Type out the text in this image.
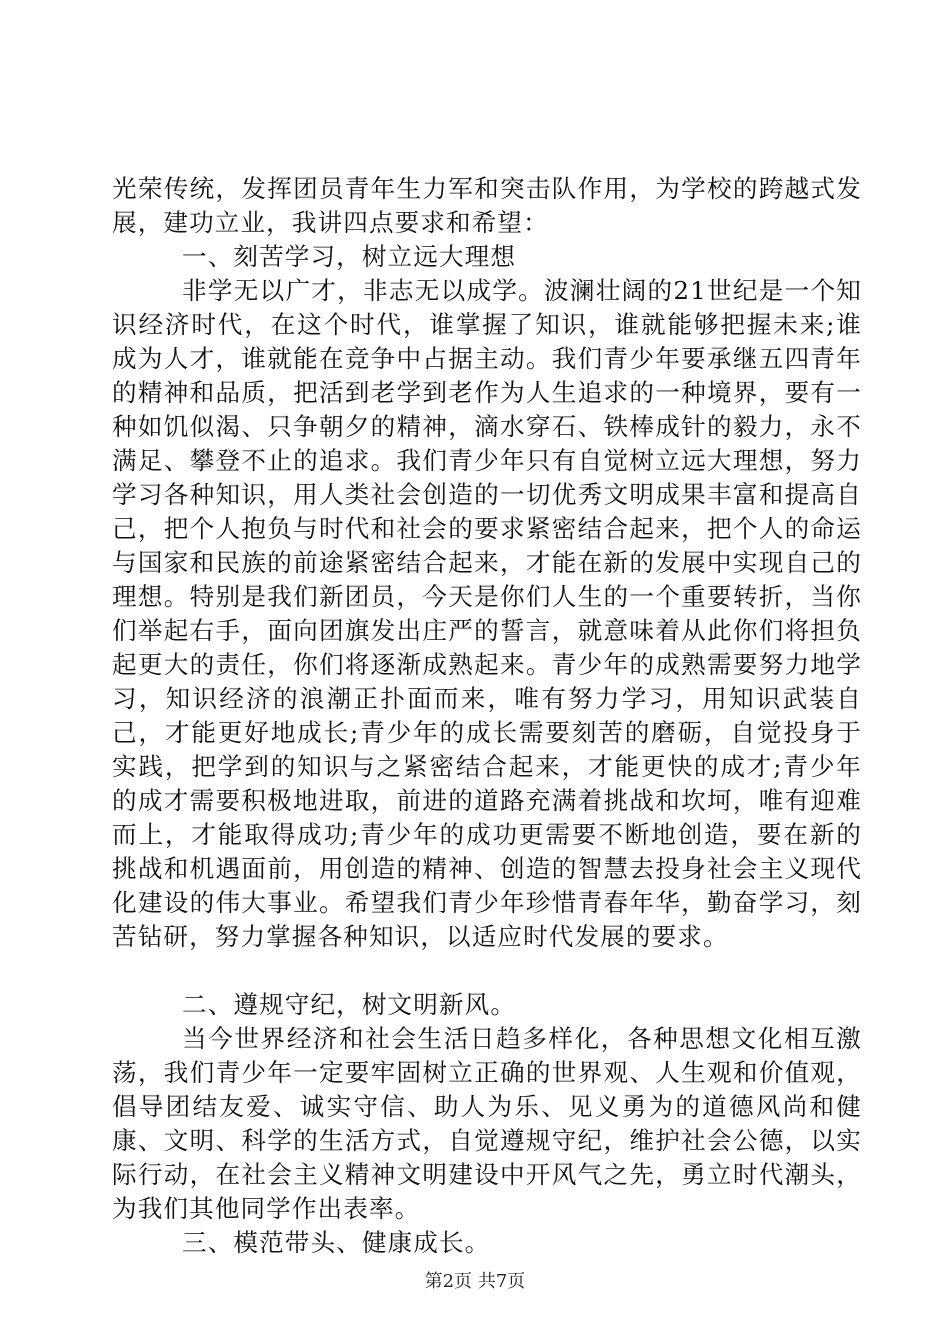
光荣传统，发挥团员青年生力军和突击队作用，为学校的跨越式发展，建功立业，我讲四点要求和希望：

一、刻苦学习，树立远大理想

非学无以广才，非志无以成学。波澜壮阔的21世纪是一个知识经济时代，在这个时代，谁掌握了知识，谁就能够把握未来;谁成为人才，谁就能在竞争中占据主动。我们青少年要承继五四青年的精神和品质，把活到老学到老作为人生追求的一种境界，要有一种如饥似渴、只争朝夕的精神，滴水穿石、铁棒成针的毅力，永不满足、攀登不止的追求。我们青少年只有自觉树立远大理想，努力学习各种知识，用人类社会创造的一切优秀文明成果丰富和提高自己，把个人抱负与时代和社会的要求紧密结合起来，把个人的命运与国家和民族的前途紧密结合起来，才能在新的发展中实现自己的理想。特别是我们新团员，今天是你们人生的一个重要转折，当你们举起右手，面向团旗发出庄严的誓言，就意味着从此你们将担负起更大的责任，你们将逐渐成熟起来。青少年的成熟需要努力地学习，知识经济的浪潮正扑面而来，唯有努力学习，用知识武装自己，才能更好地成长;青少年的成长需要刻苦的磨砺，自觉投身于实践，把学到的知识与之紧密结合起来，才能更快的成才;青少年的成才需要积极地进取，前进的道路充满着挑战和坎坷，唯有迎难而上，才能取得成功;青少年的成功更需要不断地创造，要在新的挑战和机遇面前，用创造的精神、创造的智慧去投身社会主义现代化建设的伟大事业。希望我们青少年珍惜青春年华，勤奋学习，刻苦钻研，努力掌握各种知识，以适应时代发展的要求。

二、遵规守纪，树文明新风。

当今世界经济和社会生活日趋多样化，各种思想文化相互激荡，我们青少年一定要牢固树立正确的世界观、人生观和价值观，倡导团结友爱、诚实守信、助人为乐、见义勇为的道德风尚和健康、文明、科学的生活方式，自觉遵规守纪，维护社会公德，以实际行动，在社会主义精神文明建设中开风气之先，勇立时代潮头，为我们其他同学作出表率。

三、模范带头、健康成长。

第2页 共7页
